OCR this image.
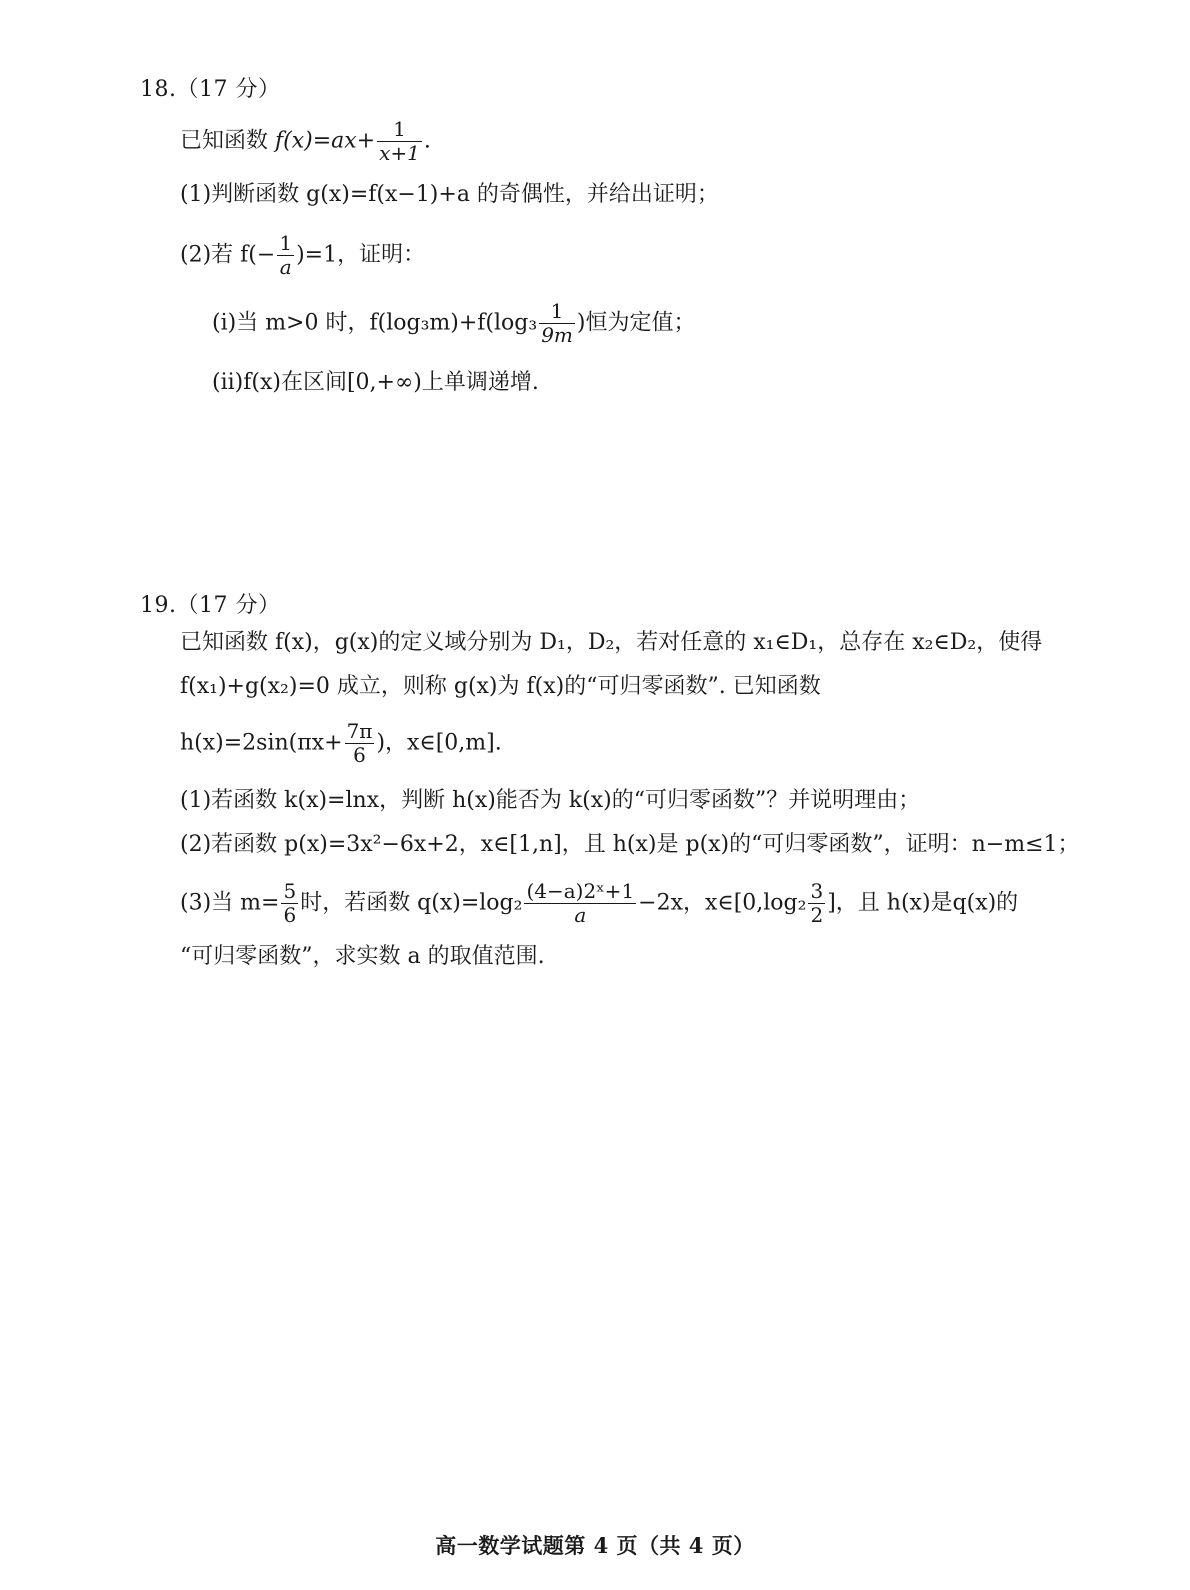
18.（17 分）
已知函数 $f(x)=ax+ \frac{1}{x+1}$ .
(1)判断函数 g(x)=f(x−1)+a 的奇偶性，并给出证明；
(2)若 $f(- \frac{1}{a} )=1$，证明：
(i)当 m>0 时，$f(\log_3m)+f(\log_3 \frac{1}{9m}$ )恒为定值；
(ii)f(x)在区间[0,+∞)上单调递增.
19.（17 分）
已知函数 f(x)，g(x)的定义域分别为 D₁，D₂，若对任意的 x₁∈D₁，总存在 x₂∈D₂，使得
f(x₁)+g(x₂)=0 成立，则称 g(x)为 f(x)的“可归零函数”. 已知函数
$h(x)=2\sin(\pi x+ \frac{7\pi}{6}$ )，x∈[0,m].
(1)若函数 k(x)=lnx，判断 h(x)能否为 k(x)的“可归零函数”？并说明理由；
(2)若函数 p(x)=3x²−6x+2，x∈[1,n]，且 h(x)是 p(x)的“可归零函数”，证明：n−m≤1；
(3)当 $m= \frac{5}{6}$ 时，若函数 $q(x)=\log_2 \frac{\text{(4−a)2ˣ+1}}{a} -2x$，x∈[0,log₂ $\frac{3}{2}$ ]，且 h(x)是q(x)的
“可归零函数”，求实数 a 的取值范围.
高一数学试题第 4 页（共 4 页）
